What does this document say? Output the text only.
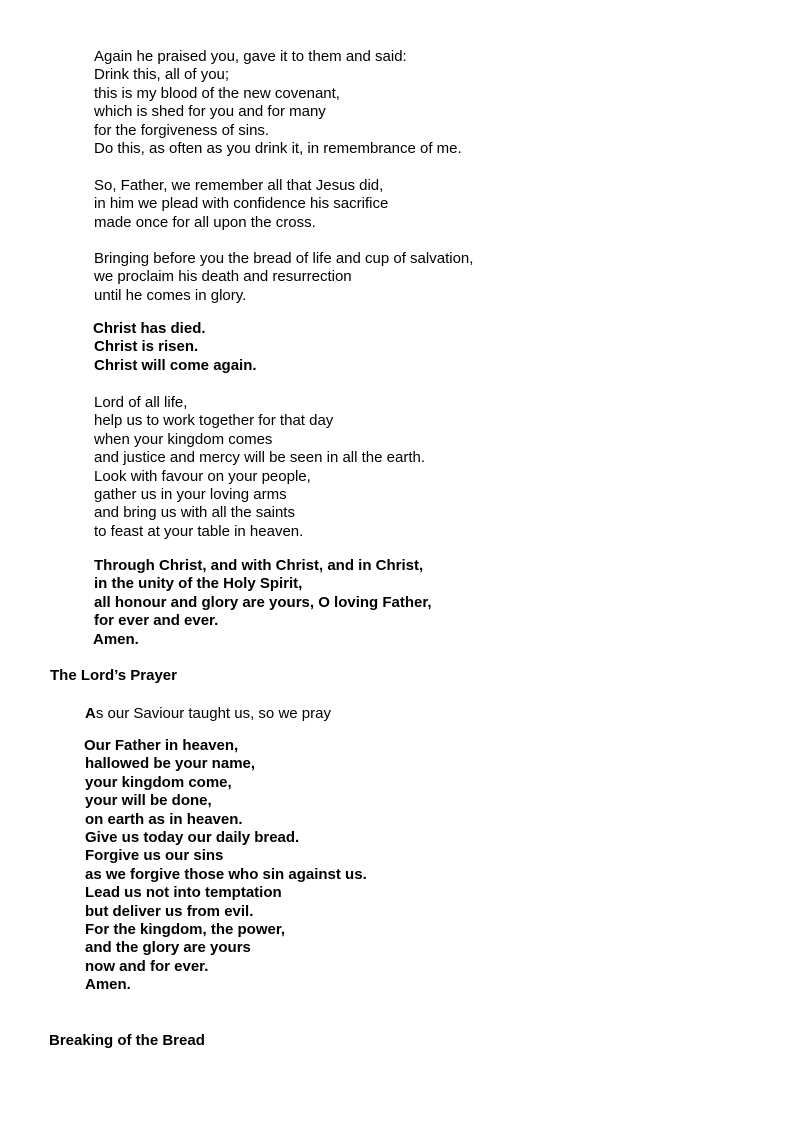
Again he praised you, gave it to them and said:
Drink this, all of you;
this is my blood of the new covenant,
which is shed for you and for many
for the forgiveness of sins.
Do this, as often as you drink it, in remembrance of me.
So, Father, we remember all that Jesus did,
in him we plead with confidence his sacrifice
made once for all upon the cross.
Bringing before you the bread of life and cup of salvation,
we proclaim his death and resurrection
until he comes in glory.
Christ has died.
Christ is risen.
Christ will come again.
Lord of all life,
help us to work together for that day
when your kingdom comes
and justice and mercy will be seen in all the earth.
Look with favour on your people,
gather us in your loving arms
and bring us with all the saints
to feast at your table in heaven.
Through Christ, and with Christ, and in Christ,
in the unity of the Holy Spirit,
all honour and glory are yours, O loving Father,
for ever and ever.
Amen.
The Lord’s Prayer
As our Saviour taught us, so we pray
Our Father in heaven,
hallowed be your name,
your kingdom come,
your will be done,
on earth as in heaven.
Give us today our daily bread.
Forgive us our sins
as we forgive those who sin against us.
Lead us not into temptation
but deliver us from evil.
For the kingdom, the power,
and the glory are yours
now and for ever.
Amen.
Breaking of the Bread
